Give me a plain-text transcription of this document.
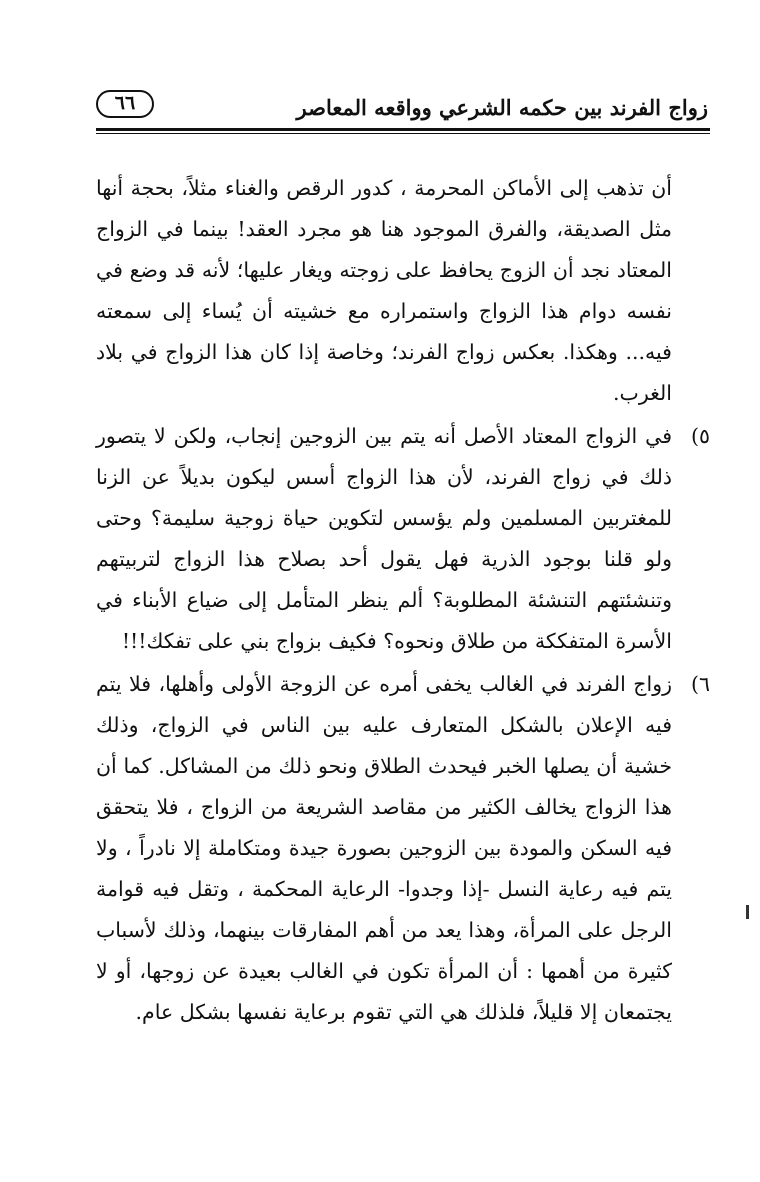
زواج الفرند بين حكمه الشرعي وواقعه المعاصر
٦٦

أن تذهب إلى الأماكن المحرمة ، كدور الرقص والغناء مثلاً، بحجة أنها مثل الصديقة، والفرق الموجود هنا هو مجرد العقد! بينما في الزواج المعتاد نجد أن الزوج يحافظ على زوجته ويغار عليها؛ لأنه قد وضع في نفسه دوام هذا الزواج واستمراره مع خشيته أن يُساء إلى سمعته فيه... وهكذا. بعكس زواج الفرند؛ وخاصة إذا كان هذا الزواج في بلاد الغرب.

٥)
في الزواج المعتاد الأصل أنه يتم بين الزوجين إنجاب، ولكن لا يتصور ذلك في زواج الفرند، لأن هذا الزواج أسس ليكون بديلاً عن الزنا للمغتربين المسلمين ولم يؤسس لتكوين حياة زوجية سليمة؟ وحتى ولو قلنا بوجود الذرية فهل يقول أحد بصلاح هذا الزواج لتربيتهم وتنشئتهم التنشئة المطلوبة؟ ألم ينظر المتأمل إلى ضياع الأبناء في الأسرة المتفككة من طلاق ونحوه؟ فكيف بزواج بني على تفكك!!!
٦)
زواج الفرند في الغالب يخفى أمره عن الزوجة الأولى وأهلها، فلا يتم فيه الإعلان بالشكل المتعارف عليه بين الناس في الزواج، وذلك خشية أن يصلها الخبر فيحدث الطلاق ونحو ذلك من المشاكل. كما أن هذا الزواج يخالف الكثير من مقاصد الشريعة من الزواج ، فلا يتحقق فيه السكن والمودة بين الزوجين بصورة جيدة ومتكاملة إلا نادراً ، ولا يتم فيه رعاية النسل -إذا وجدوا- الرعاية المحكمة ، وتقل فيه قوامة الرجل على المرأة، وهذا يعد من أهم المفارقات بينهما، وذلك لأسباب كثيرة من أهمها : أن المرأة تكون في الغالب بعيدة عن زوجها، أو لا يجتمعان إلا قليلاً، فلذلك هي التي تقوم برعاية نفسها بشكل عام.
